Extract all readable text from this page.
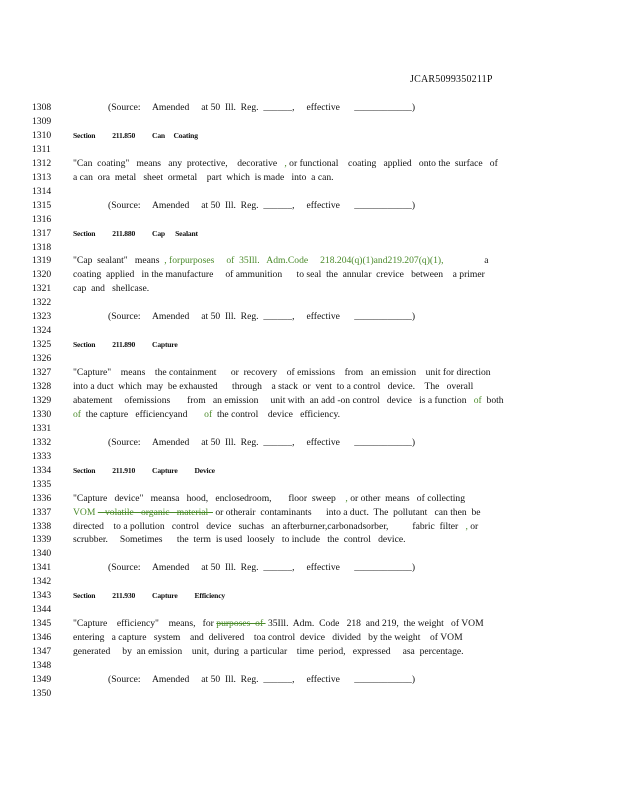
JCAR5099350211P
1308	(Source:     Amended     at 50  Ill.  Reg.  ______,     effective      ____________)
1309
1310	Section          211.850          Can     Coating
1311
1312	"Can  coating"   means   any  protective,    decorative   , or functional    coating   applied   onto the  surface   of
1313	a can  ora  metal   sheet  ormetal    part  which  is made   into  a can.
1314
1315	(Source:     Amended     at 50  Ill.  Reg.  ______,     effective      ____________)
1316
1317	Section          211.880          Cap      Sealant
1318
1319	"Cap  sealant"   means  , forpurposes     of  35Ill.   Adm.Code     218.204(q)(1)and219.207(q)(1),                 a
1320	coating  applied   in the manufacture     of ammunition      to seal  the  annular  crevice   between    a primer
1321	cap  and   shellcase.
1322
1323	(Source:     Amended     at 50  Ill.  Reg.  ______,     effective      ____________)
1324
1325	Section          211.890          Capture
1326
1327	"Capture"    means    the containment      or  recovery    of emissions    from   an emission    unit for direction
1328	into a duct  which  may  be exhausted      through    a stack  or  vent  to a control   device.    The   overall
1329	abatement     ofemissions       from   an emission     unit with  an add -on control   device   is a function   of  both
1330	of  the capture   efficiencyand       of  the control    device   efficiency.
1331
1332	(Source:     Amended     at 50  Ill.  Reg.  ______,     effective      ____________)
1333
1334	Section          211.910          Capture          Device
1335
1336	"Capture   device"   meansa   hood,   enclosedroom,       floor  sweep    , or other  means   of collecting
1337	VOM    volatile   organic   material   or otherair  contaminants      into a duct.  The  pollutant   can then  be
1338	directed    to a pollution   control   device   suchas   an afterburner,carbonadsorber,          fabric  filter   , or
1339	scrubber.     Sometimes      the  term  is used  loosely   to include   the  control   device.
1340
1341	(Source:     Amended     at 50  Ill.  Reg.  ______,     effective      ____________)
1342
1343	Section          211.930          Capture          Efficiency
1344
1345	"Capture    efficiency"    means,   for purposes  of  35Ill.  Adm.  Code   218  and 219,  the weight   of VOM
1346	entering   a capture   system    and  delivered    toa control  device   divided   by the weight    of VOM
1347	generated     by  an emission    unit,  during  a particular    time  period,   expressed     asa  percentage.
1348
1349	(Source:     Amended     at 50  Ill.  Reg.  ______,     effective      ____________)
1350
